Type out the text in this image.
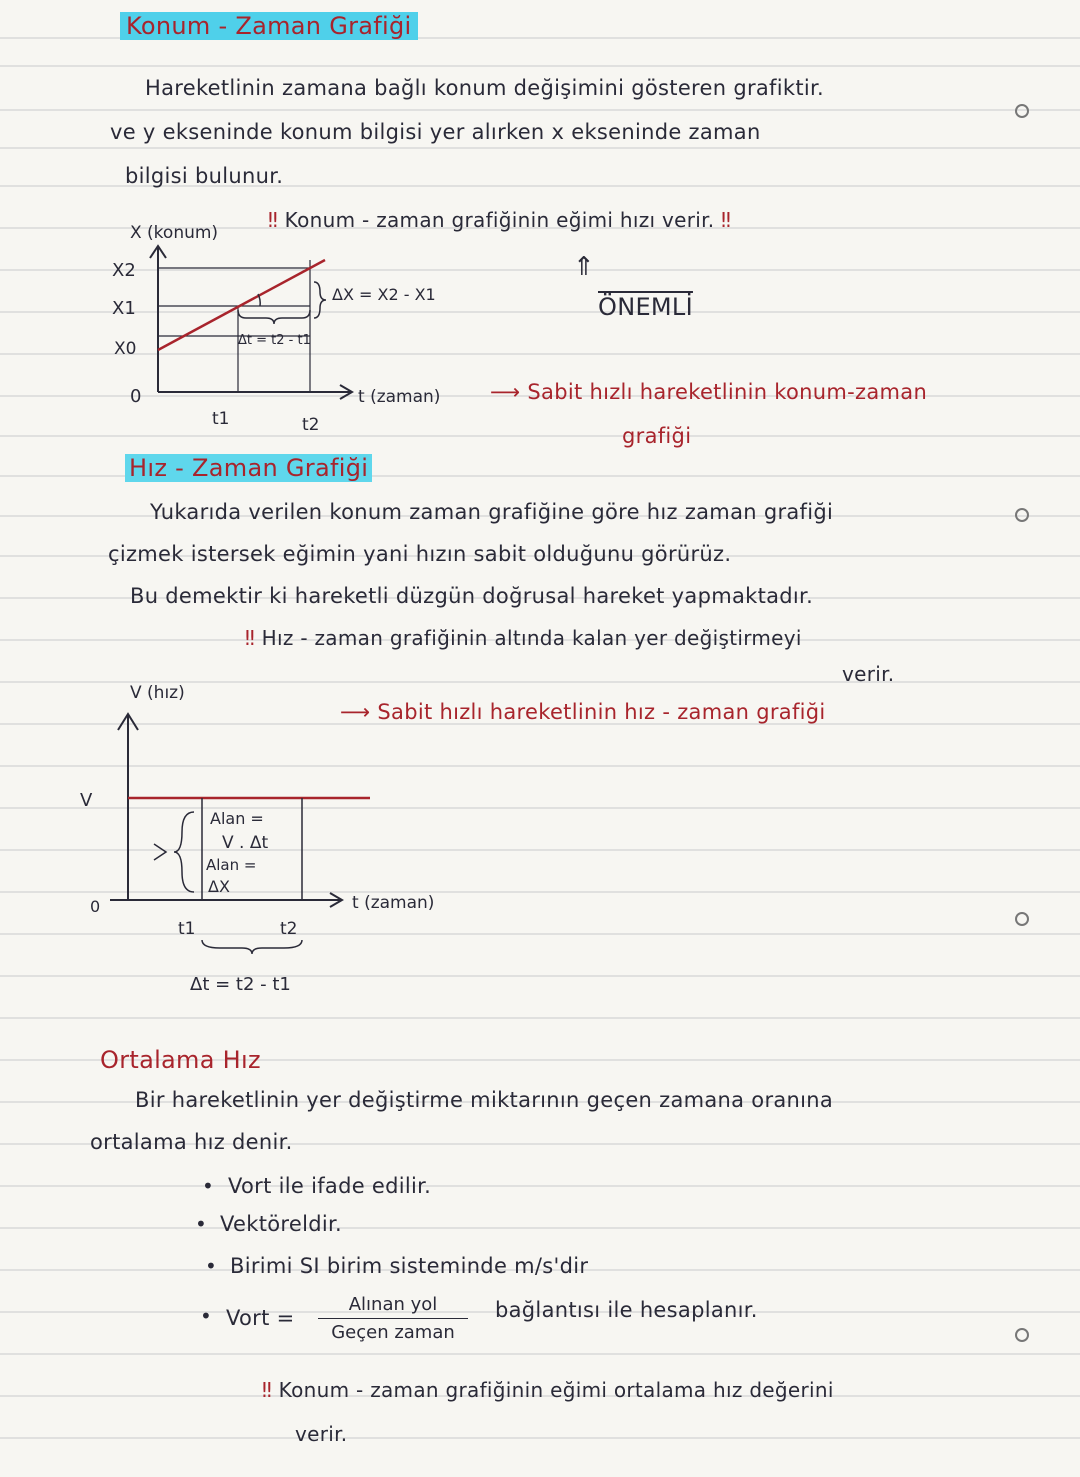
Konum - Zaman Grafiği
Hareketlinin zamana bağlı konum değişimini gösteren grafiktir.
ve y ekseninde konum bilgisi yer alırken x ekseninde zaman
bilgisi bulunur.
‼ Konum - zaman grafiğinin eğimi hızı verir. ‼
⇑
ÖNEMLİ
⟶ Sabit hızlı hareketlinin konum-zaman
grafiği
X (konum)
X2
X1
X0
0
t1	t2
ΔX = X2 - X1
Δt = t2 - t1
t (zaman)
Hız - Zaman Grafiği
Yukarıda verilen konum zaman grafiğine göre hız zaman grafiği
çizmek istersek eğimin yani hızın sabit olduğunu görürüz.
Bu demektir ki hareketli düzgün doğrusal hareket yapmaktadır.
‼ Hız - zaman grafiğinin altında kalan yer değiştirmeyi
verir.
⟶ Sabit hızlı hareketlinin hız - zaman grafiği
V (hız)
Alan =
V . Δt
Alan =
ΔX
V
0
t1	t2
Δt = t2 - t1
t (zaman)
Ortalama Hız
Bir hareketlinin yer değiştirme miktarının geçen zamana oranına
ortalama hız denir.
• Vort ile ifade edilir.
• Vektöreldir.
• Birimi SI birim sisteminde m/s'dir
• Vort =
Alınan yol
Geçen zaman
bağlantısı ile hesaplanır.
‼ Konum - zaman grafiğinin eğimi ortalama hız değerini
verir.
